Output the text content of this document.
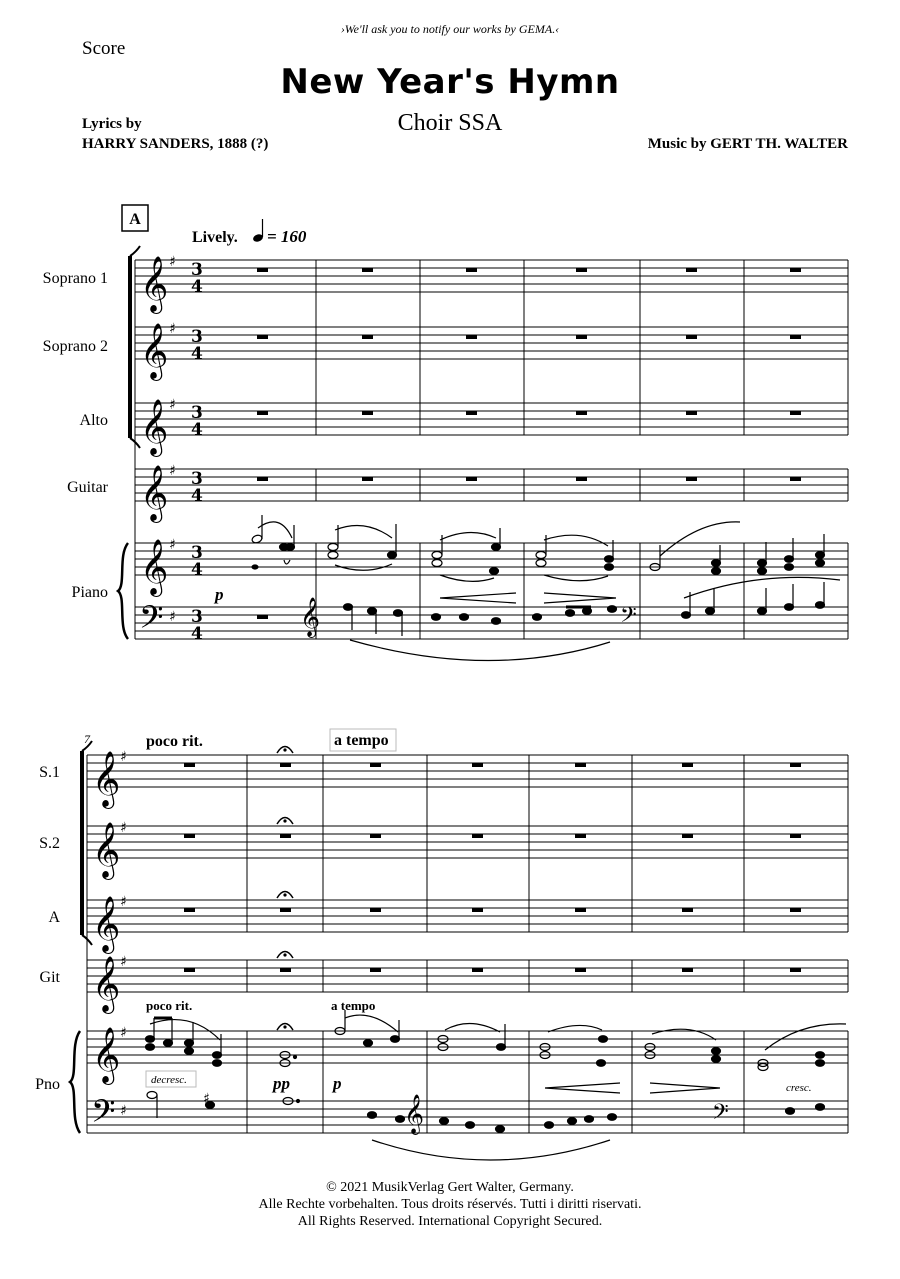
›We'll ask you to notify our works by GEMA.‹
Score
New Year's Hymn
Choir SSA
Lyrics by
HARRY SANDERS, 1888 (?)	Music by GERT TH. WALTER
A
Lively. = 160
𝄞
𝄞
𝄞
𝄞
𝄞
𝄢
♯
♯
♯
♯
♯
♯
3
4
3
4
3
4
3
4
3
4
3
4	𝄞	𝄢
p
Soprano 1
Soprano 2
Alto
Guitar
Piano
7	poco rit.	a tempo
𝄞
𝄞
𝄞
𝄞
𝄞
𝄢
♯
♯
♯
♯
♯
♯	𝄞	𝄢
♯
poco rit.	a tempo
decresc.
cresc.
pp	p
S.1
S.2
A
Git
Pno
© 2021 MusikVerlag Gert Walter, Germany.
Alle Rechte vorbehalten. Tous droits réservés. Tutti i diritti riservati.
All Rights Reserved. International Copyright Secured.
